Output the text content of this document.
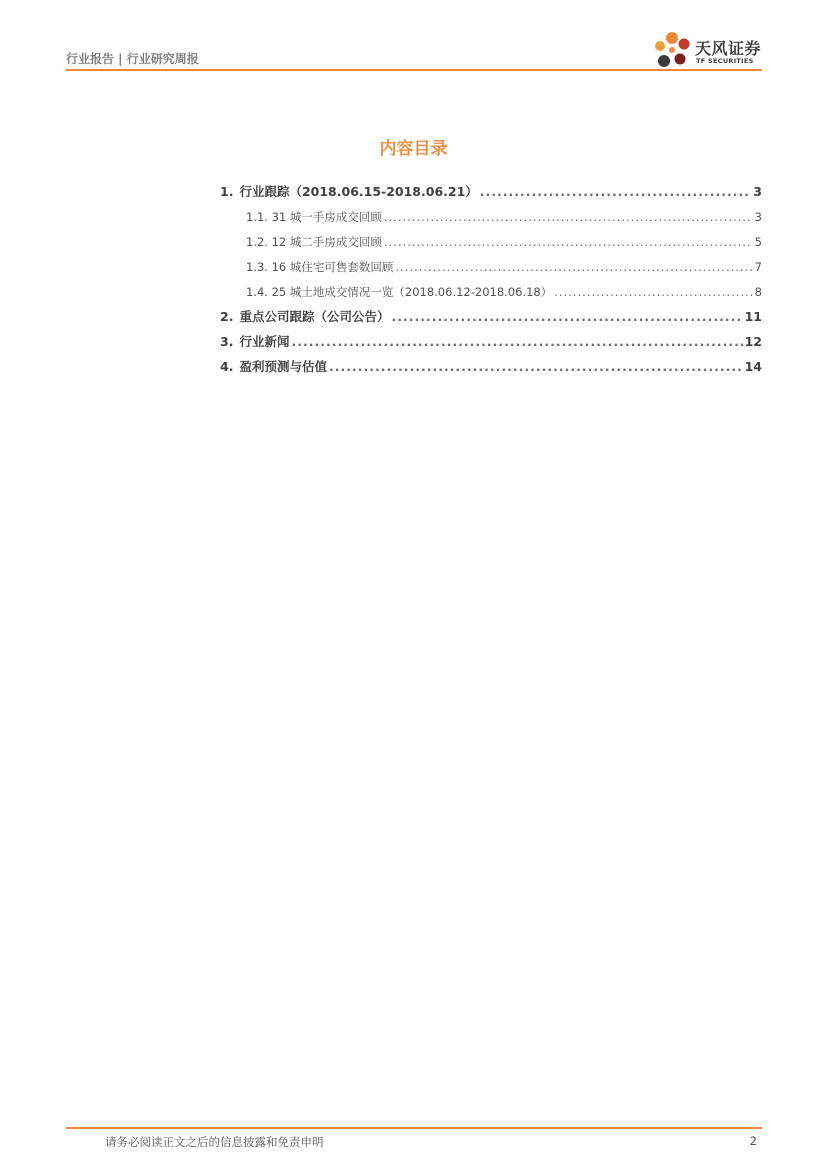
行业报告 | 行业研究周报
天风证券
TF SECURITIES
内容目录
1. 行业跟踪（2018.06.15-2018.06.21） .....	3
1.1. 31 城一手房成交回顾 .....	3
1.2. 12 城二手房成交回顾 .....	5
1.3. 16 城住宅可售套数回顾 .....	7
1.4. 25 城土地成交情况一览（2018.06.12-2018.06.18） .....	8
2. 重点公司跟踪（公司公告） .....	11
3. 行业新闻 .....	12
4. 盈利预测与估值 .....	14
请务必阅读正文之后的信息披露和免责申明	2
